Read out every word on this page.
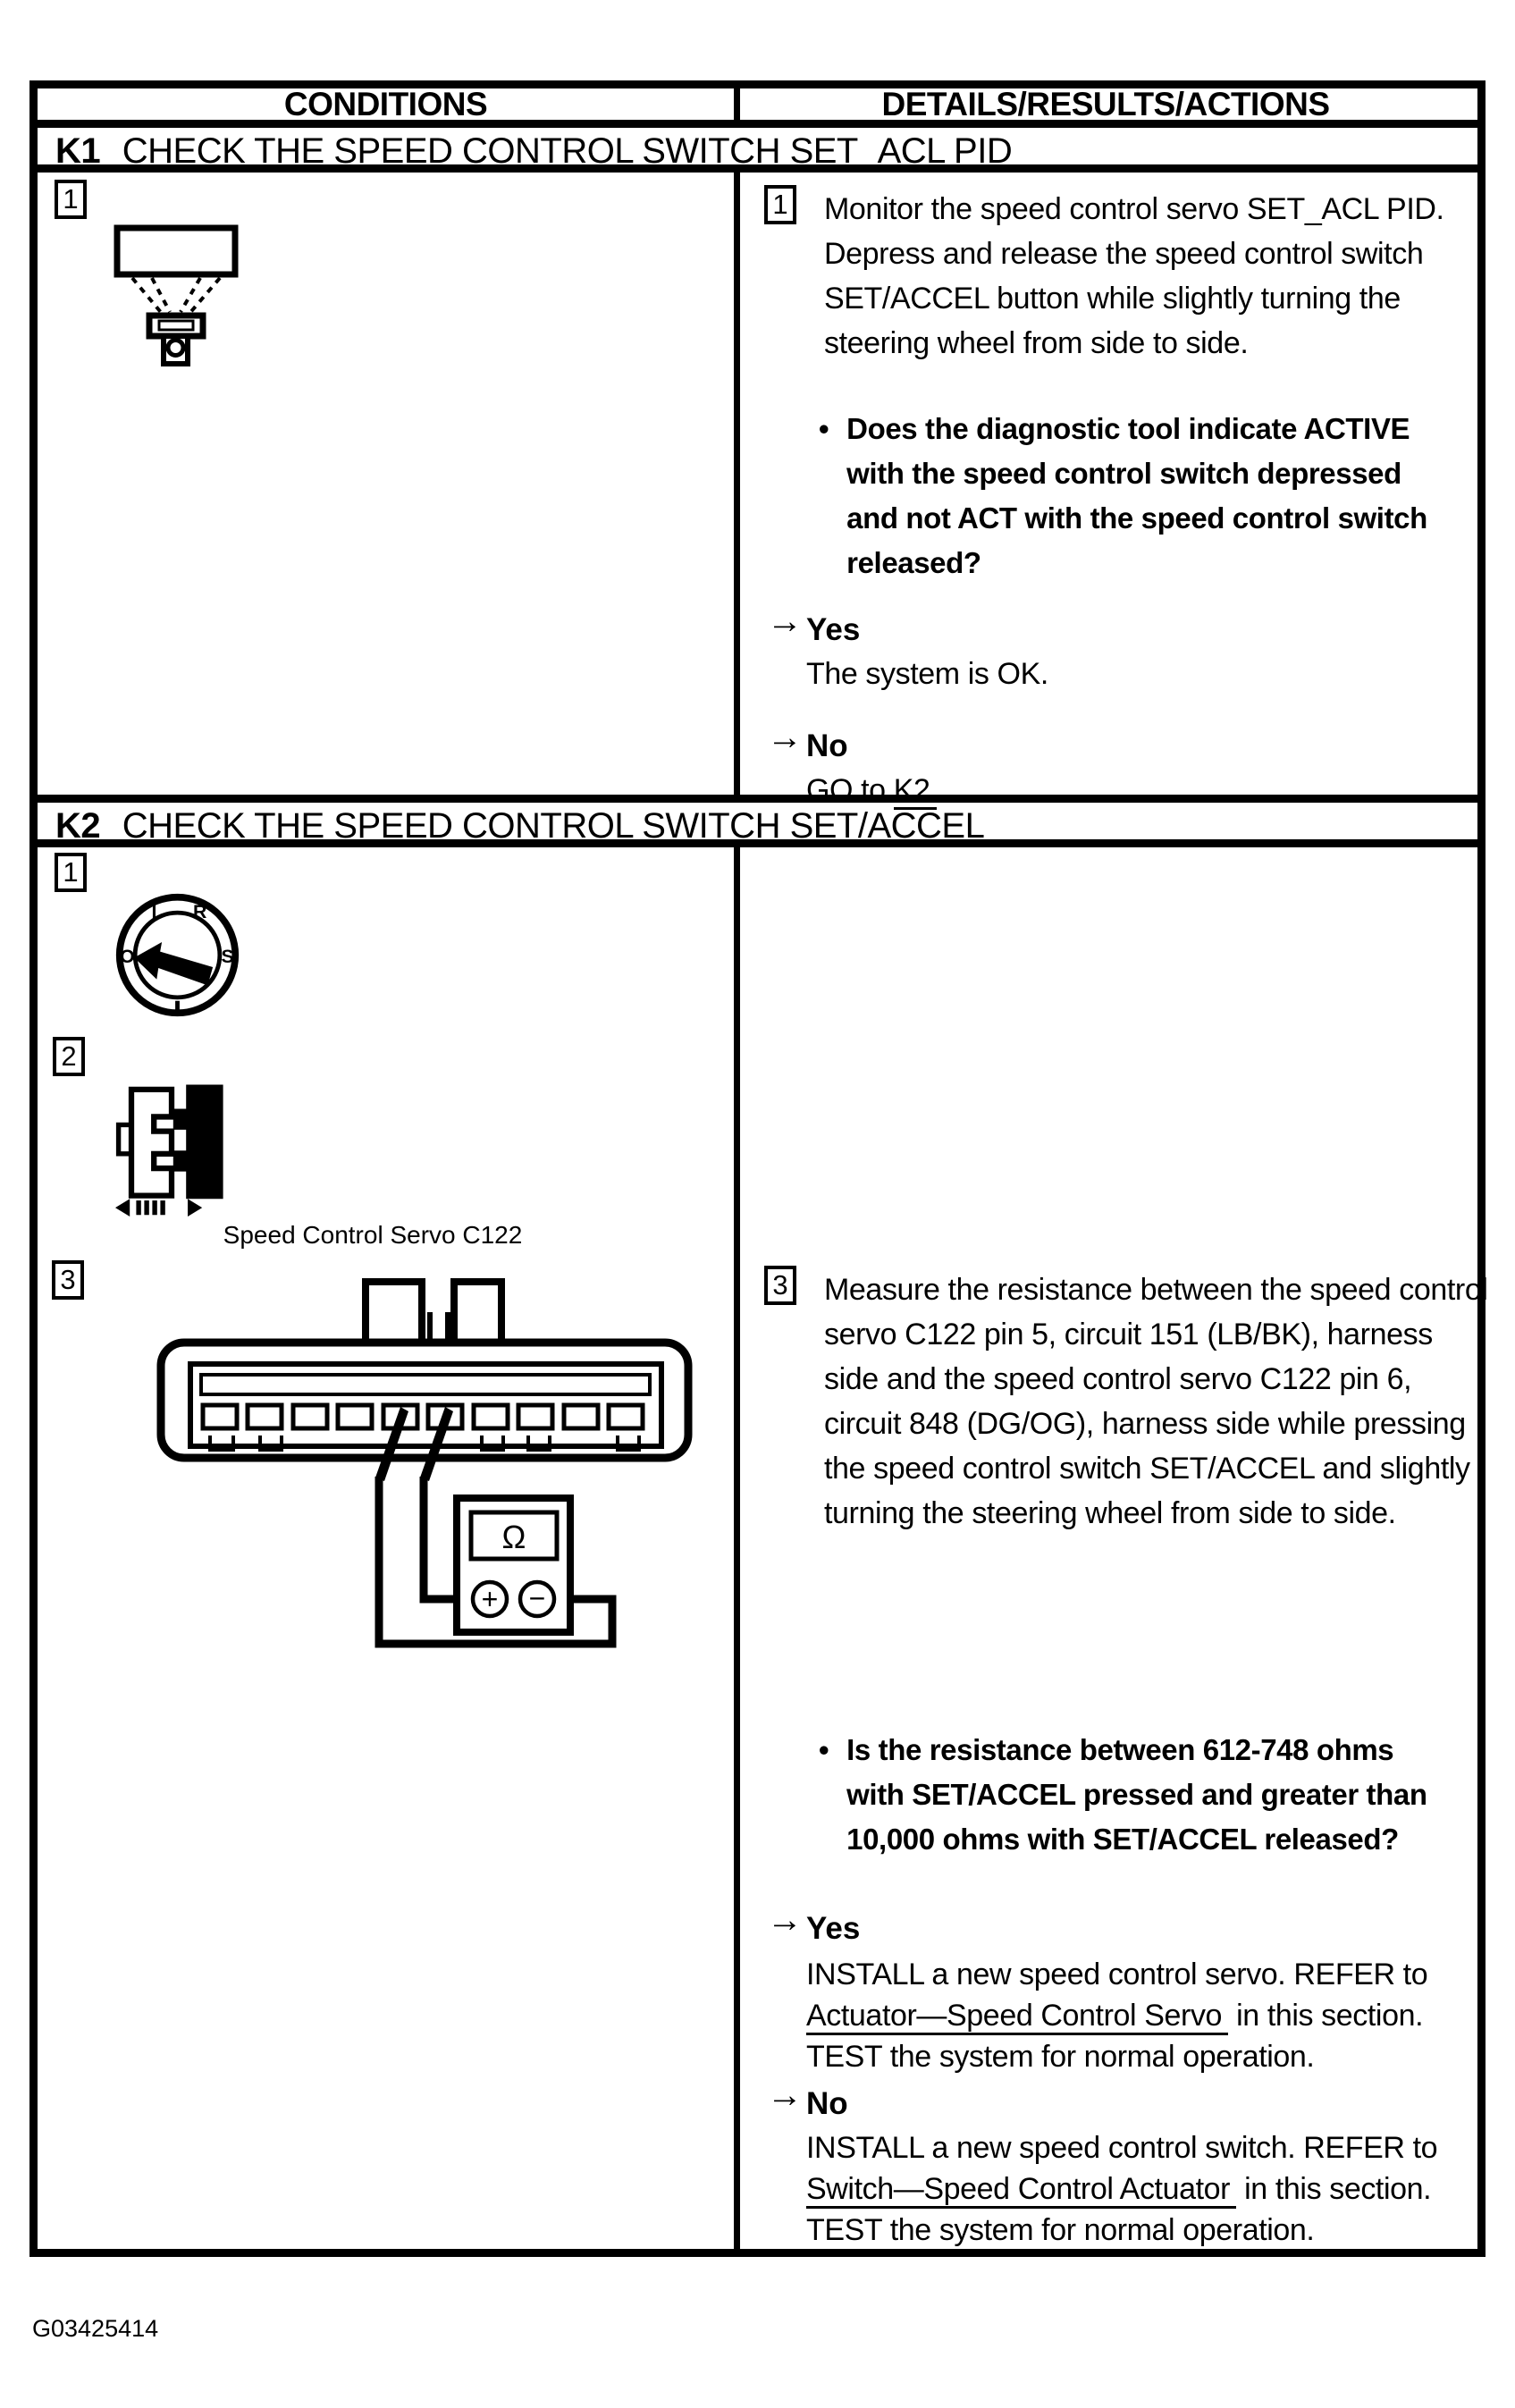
CONDITIONS	DETAILS/RESULTS/ACTIONS
K1 CHECK THE SPEED CONTROL SWITCH SET_ACL PID
1	1 Monitor the speed control servo SET_ACL PID. Depress and release the speed control switch SET/ACCEL button while slightly turning the steering wheel from side to side.
• Does the diagnostic tool indicate ACTIVE with the speed control switch depressed and not ACT with the speed control switch released?
→ Yes
The system is OK.
→ No
GO to K2 .
K2 CHECK THE SPEED CONTROL SWITCH SET/ACCEL
1
O
I R
S
2
Speed Control Servo C122
3
Ω
+ −
3 Measure the resistance between the speed control servo C122 pin 5, circuit 151 (LB/BK), harness side and the speed control servo C122 pin 6, circuit 848 (DG/OG), harness side while pressing the speed control switch SET/ACCEL and slightly turning the steering wheel from side to side.
• Is the resistance between 612-748 ohms with SET/ACCEL pressed and greater than 10,000 ohms with SET/ACCEL released?
→ Yes
INSTALL a new speed control servo. REFER to Actuator—Speed Control Servo in this section. TEST the system for normal operation.
→ No
INSTALL a new speed control switch. REFER to Switch—Speed Control Actuator in this section. TEST the system for normal operation.
G03425414
